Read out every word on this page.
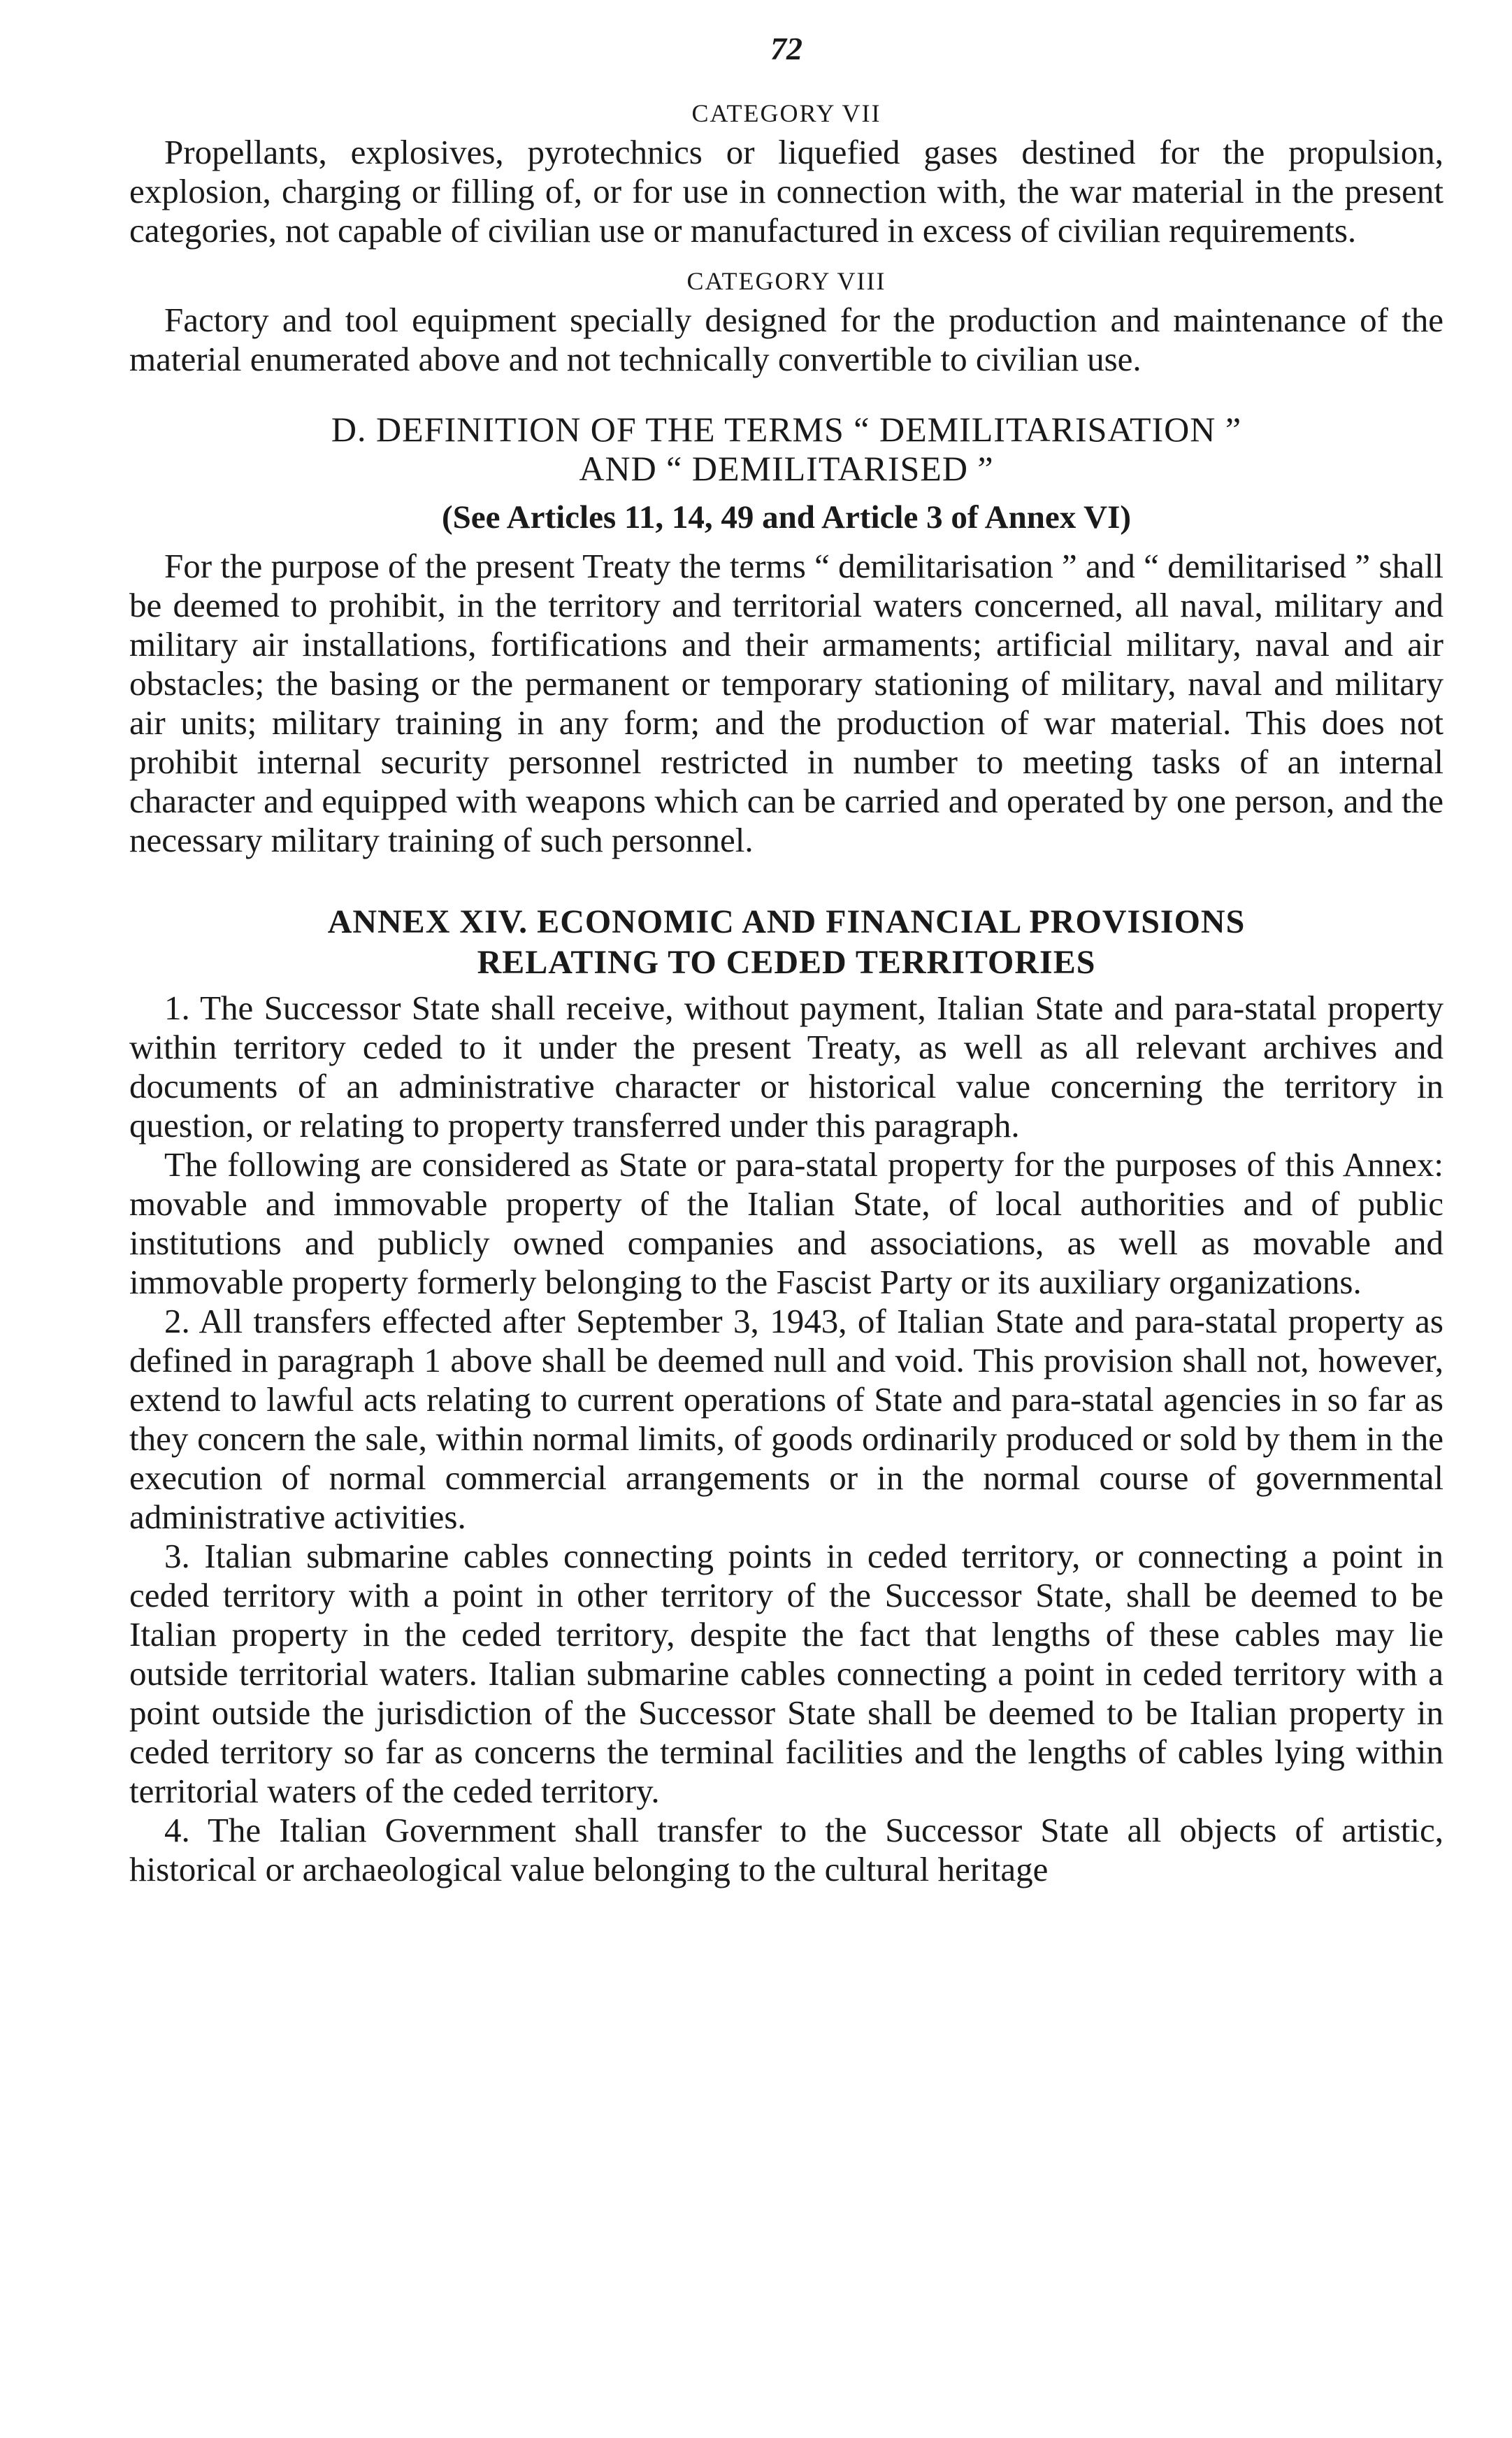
72
CATEGORY VII

Propellants, explosives, pyrotechnics or liquefied gases destined for the propulsion, explosion, charging or filling of, or for use in connection with, the war material in the present categories, not capable of civilian use or manufactured in excess of civilian requirements.

CATEGORY VIII

Factory and tool equipment specially designed for the production and maintenance of the material enumerated above and not technically convertible to civilian use.

D. DEFINITION OF THE TERMS “ DEMILITARISATION ”
AND “ DEMILITARISED ”
(See Articles 11, 14, 49 and Article 3 of Annex VI)

For the purpose of the present Treaty the terms “ demilitarisation ” and “ demilitarised ” shall be deemed to prohibit, in the territory and territorial waters concerned, all naval, military and military air installations, fortifications and their armaments; artificial military, naval and air obstacles; the basing or the permanent or temporary stationing of military, naval and military air units; military training in any form; and the production of war material. This does not prohibit internal security personnel restricted in number to meeting tasks of an internal character and equipped with weapons which can be carried and operated by one person, and the necessary military training of such personnel.

ANNEX XIV. ECONOMIC AND FINANCIAL PROVISIONS
RELATING TO CEDED TERRITORIES

1. The Successor State shall receive, without payment, Italian State and para-statal property within territory ceded to it under the present Treaty, as well as all relevant archives and documents of an administrative character or historical value concerning the territory in question, or relating to property transferred under this paragraph.

The following are considered as State or para-statal property for the purposes of this Annex: movable and immovable property of the Italian State, of local authorities and of public institutions and publicly owned companies and associations, as well as movable and immovable property formerly belonging to the Fascist Party or its auxiliary organizations.

2. All transfers effected after September 3, 1943, of Italian State and para-statal property as defined in paragraph 1 above shall be deemed null and void. This provision shall not, however, extend to lawful acts relating to current operations of State and para-statal agencies in so far as they concern the sale, within normal limits, of goods ordinarily produced or sold by them in the execution of normal commercial arrangements or in the normal course of governmental administrative activities.

3. Italian submarine cables connecting points in ceded territory, or connecting a point in ceded territory with a point in other territory of the Successor State, shall be deemed to be Italian property in the ceded territory, despite the fact that lengths of these cables may lie outside territorial waters. Italian submarine cables connecting a point in ceded territory with a point outside the jurisdiction of the Successor State shall be deemed to be Italian property in ceded territory so far as concerns the terminal facilities and the lengths of cables lying within territorial waters of the ceded territory.

4. The Italian Government shall transfer to the Successor State all objects of artistic, historical or archaeological value belonging to the cultural heritage
